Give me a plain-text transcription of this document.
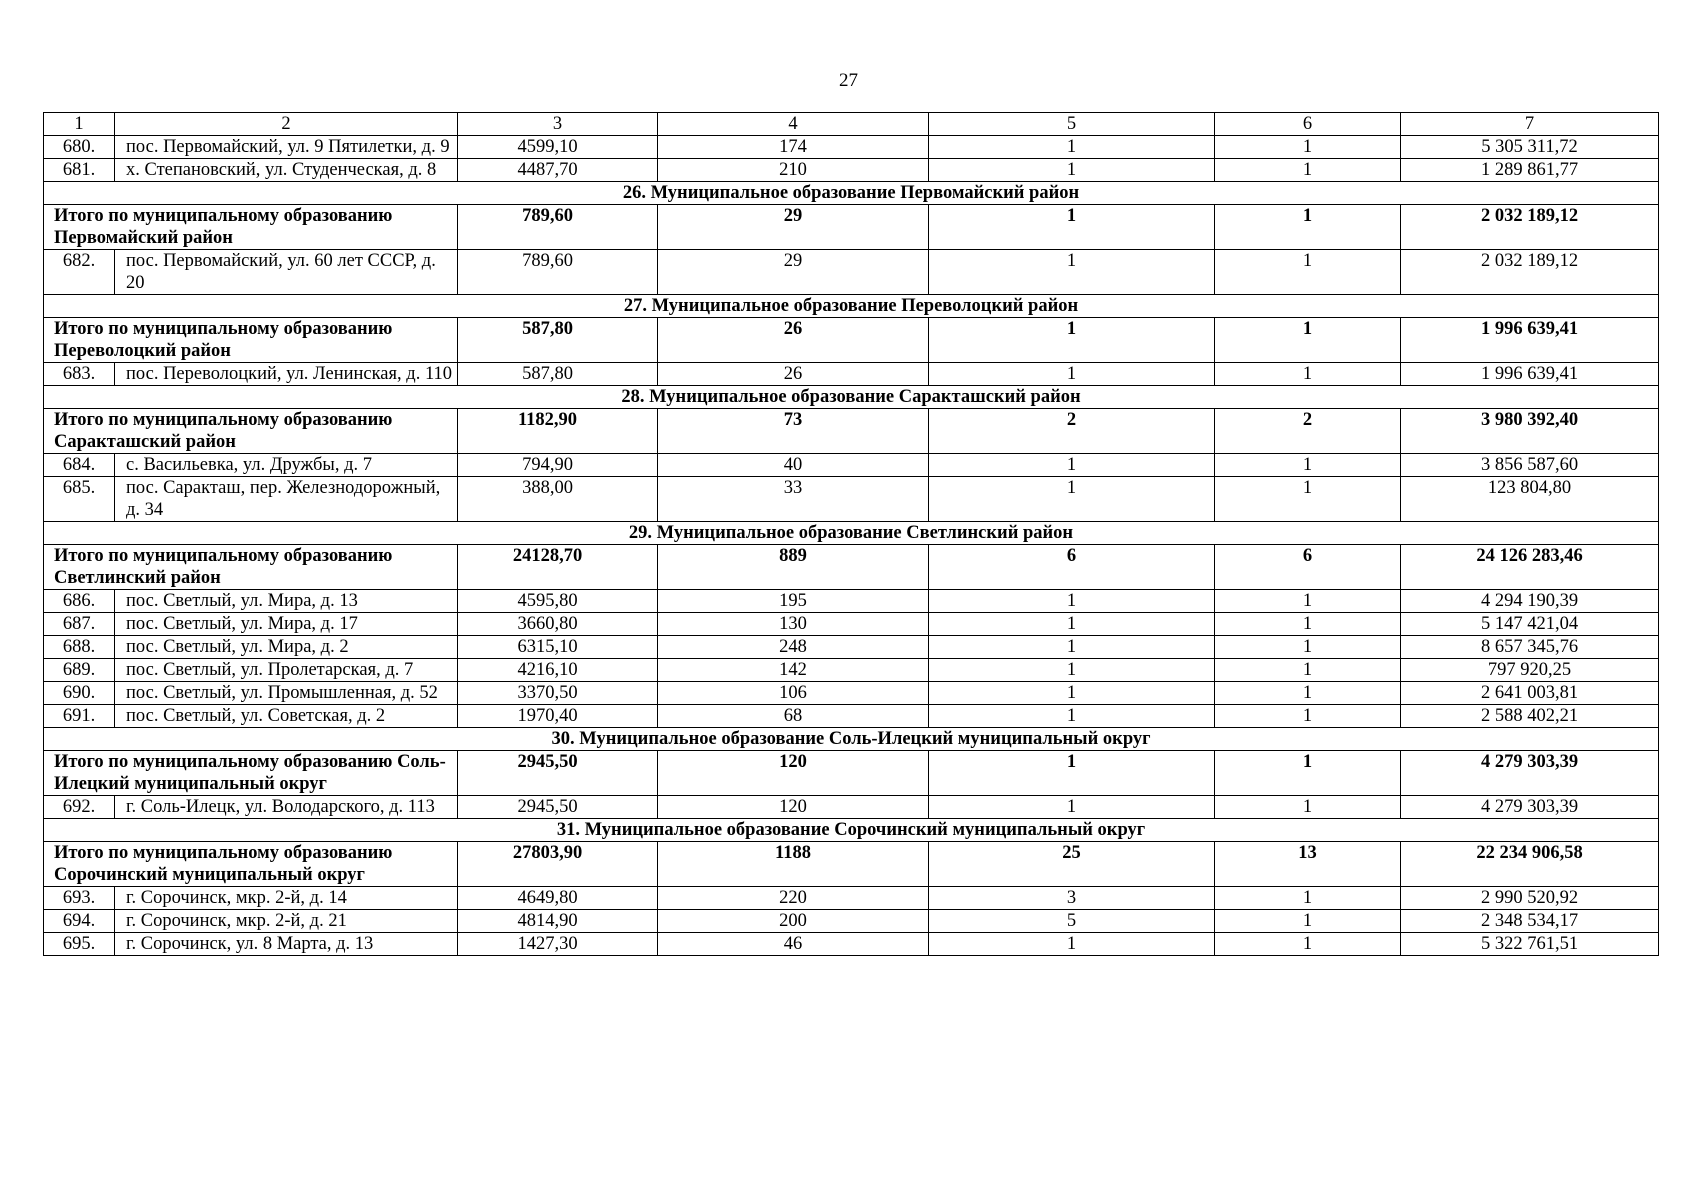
27
1	2	3	4	5	6	7
680.	пос. Первомайский, ул. 9 Пятилетки, д. 9	4599,10	174	1	1	5 305 311,72
681.	х. Степановский, ул. Студенческая, д. 8	4487,70	210	1	1	1 289 861,77
26. Муниципальное образование Первомайский район						
Итого по муниципальному образованию Первомайский район		789,60	29	1	1	2 032 189,12
682.	пос. Первомайский, ул. 60 лет СССР, д. 20	789,60	29	1	1	2 032 189,12
27. Муниципальное образование Переволоцкий район						
Итого по муниципальному образованию Переволоцкий район		587,80	26	1	1	1 996 639,41
683.	пос. Переволоцкий, ул. Ленинская, д. 110	587,80	26	1	1	1 996 639,41
28. Муниципальное образование Саракташский район						
Итого по муниципальному образованию Саракташский район		1182,90	73	2	2	3 980 392,40
684.	с. Васильевка, ул. Дружбы, д. 7	794,90	40	1	1	3 856 587,60
685.	пос. Саракташ, пер. Железнодорожный, д. 34	388,00	33	1	1	123 804,80
29. Муниципальное образование Светлинский район						
Итого по муниципальному образованию Светлинский район		24128,70	889	6	6	24 126 283,46
686.	пос. Светлый, ул. Мира, д. 13	4595,80	195	1	1	4 294 190,39
687.	пос. Светлый, ул. Мира, д. 17	3660,80	130	1	1	5 147 421,04
688.	пос. Светлый, ул. Мира, д. 2	6315,10	248	1	1	8 657 345,76
689.	пос. Светлый, ул. Пролетарская, д. 7	4216,10	142	1	1	797 920,25
690.	пос. Светлый, ул. Промышленная, д. 52	3370,50	106	1	1	2 641 003,81
691.	пос. Светлый, ул. Советская, д. 2	1970,40	68	1	1	2 588 402,21
30. Муниципальное образование Соль-Илецкий муниципальный округ						
Итого по муниципальному образованию Соль-Илецкий муниципальный округ		2945,50	120	1	1	4 279 303,39
692.	г. Соль-Илецк, ул. Володарского, д. 113	2945,50	120	1	1	4 279 303,39
31. Муниципальное образование Сорочинский муниципальный округ						
Итого по муниципальному образованию Сорочинский муниципальный округ		27803,90	1188	25	13	22 234 906,58
693.	г. Сорочинск, мкр. 2-й, д. 14	4649,80	220	3	1	2 990 520,92
694.	г. Сорочинск, мкр. 2-й, д. 21	4814,90	200	5	1	2 348 534,17
695.	г. Сорочинск, ул. 8 Марта, д. 13	1427,30	46	1	1	5 322 761,51
